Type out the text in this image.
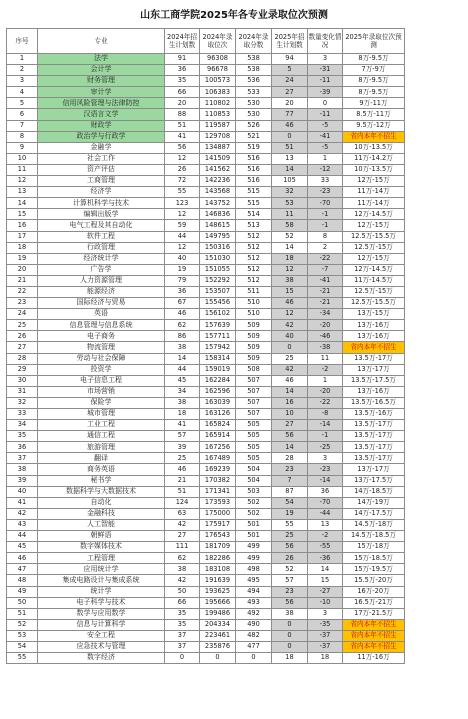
山东工商学院2025年各专业录取位次预测
序号	专业	2024年招生计划数	2024年录取位次	2024年录取分数	2025年招生计划数	数量变化情况	2025年录取位次预测
1	法学	91	96308	538	94	3	8万-9.5万
2	会计学	36	96678	538	5	-31	7万-9万
3	财务管理	35	100573	536	24	-11	8万-9.5万
4	审计学	66	106383	533	27	-39	8万-9.5万
5	信用风险管理与法律防控	20	110802	530	20	0	9万-11万
6	汉语言文学	88	110853	530	77	-11	8.5万-11万
7	财政学	51	119587	526	46	-5	9.5万-12万
8	政治学与行政学	41	129708	521	0	-41	省内本年不招生
9	金融学	56	134887	519	51	-5	10万-13.5万
10	社会工作	12	141509	516	13	1	11万-14.2万
11	资产评估	26	141562	516	14	-12	10万-13.5万
12	工商管理	72	142236	516	105	33	12万-15万
13	经济学	55	143568	515	32	-23	11万-14万
14	计算机科学与技术	123	143752	515	53	-70	11万-14万
15	编辑出版学	12	146836	514	11	-1	12万-14.5万
16	电气工程及其自动化	59	148615	513	58	-1	12万-15万
17	软件工程	44	149795	512	52	8	12.5万-15.5万
18	行政管理	12	150316	512	14	2	12.5万-15万
19	经济统计学	40	151030	512	18	-22	12万-15万
20	广告学	19	151055	512	12	-7	12万-14.5万
21	人力资源管理	79	152292	512	38	-41	11万-14.5万
22	能源经济	36	153507	511	15	-21	12.5万-15万
23	国际经济与贸易	67	155456	510	46	-21	12.5万-15.5万
24	英语	46	156102	510	12	-34	13万-15万
25	信息管理与信息系统	62	157639	509	42	-20	13万-16万
26	电子商务	86	157711	509	40	-46	13万-16万
27	物流管理	38	157942	509	0	-38	省内本年不招生
28	劳动与社会保障	14	158314	509	25	11	13.5万-17万
29	投资学	44	159019	508	42	-2	13万-17万
30	电子信息工程	45	162284	507	46	1	13.5万-17.5万
31	市场营销	34	162596	507	14	-20	13万-16万
32	保险学	38	163039	507	16	-22	13.5万-16.5万
33	城市管理	18	163126	507	10	-8	13.5万-16万
34	工业工程	41	165824	505	27	-14	13.5万-17万
35	通信工程	57	165914	505	56	-1	13.5万-17万
36	旅游管理	39	167256	505	14	-25	13.5万-17万
37	翻译	25	167489	505	28	3	13.5万-17万
38	商务英语	46	169239	504	23	-23	13万-17万
39	秘书学	21	170382	504	7	-14	13万-17.5万
40	数据科学与大数据技术	51	171341	503	87	36	14万-18.5万
41	自动化	124	173593	502	54	-70	14万-19万
42	金融科技	63	175000	502	19	-44	14万-17.5万
43	人工智能	42	175917	501	55	13	14.5万-18万
44	朝鲜语	27	176543	501	25	-2	14.5万-18.5万
45	数字媒体技术	111	181709	499	56	-55	15万-18万
46	工程管理	62	182286	499	26	-36	15万-18.5万
47	应用统计学	38	183108	498	52	14	15万-19.5万
48	集成电路设计与集成系统	42	191639	495	57	15	15.5万-20万
49	统计学	50	193625	494	23	-27	16万-20万
50	电子科学与技术	66	195666	493	56	-10	16.5万-21万
51	数学与应用数学	35	199486	492	38	3	17万-21.5万
52	信息与计算科学	35	204334	490	0	-35	省内本年不招生
53	安全工程	37	223461	482	0	-37	省内本年不招生
54	应急技术与管理	37	235876	477	0	-37	省内本年不招生
55	数字经济	0	0	0	18	18	11万-16万
